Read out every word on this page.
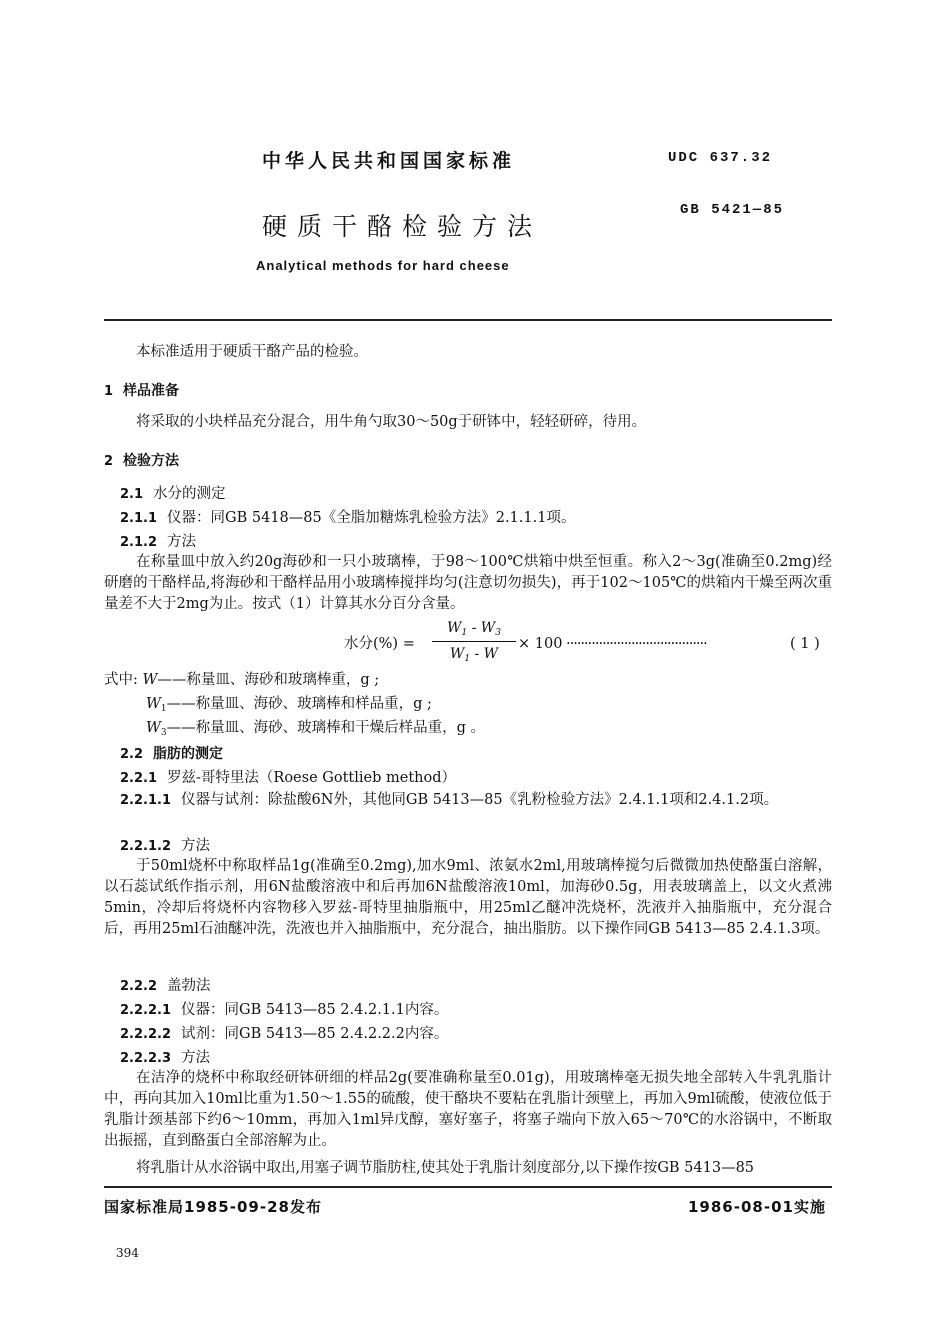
中华人民共和国国家标准	UDC 637.32
GB 5421—85
硬质干酪检验方法
Analytical methods for hard cheese
本标准适用于硬质干酪产品的检验。
1 样品准备
将采取的小块样品充分混合，用牛角勺取30～50g于研钵中，轻轻研碎，待用。
2 检验方法
2.1 水分的测定
2.1.1 仪器：同GB 5418—85《全脂加糖炼乳检验方法》2.1.1.1项。
2.1.2 方法
在称量皿中放入约20g海砂和一只小玻璃棒，于98～100℃烘箱中烘至恒重。称入2～3g(准确至0.2mg)经研磨的干酪样品,将海砂和干酪样品用小玻璃棒搅拌均匀(注意切勿损失)，再于102～105℃的烘箱内干燥至两次重量差不大于2mg为止。按式（1）计算其水分百分含量。
水分(%) =
$W_1 - W_3$
$W_1$ - W
× 100 ·······································	( 1 )
式中: W——称量皿、海砂和玻璃棒重，g ;
$W_1——$称量皿、海砂、玻璃棒和样品重，g ;
$W_3——$称量皿、海砂、玻璃棒和干燥后样品重，g 。
2.2 脂肪的测定
2.2.1 罗兹-哥特里法（Roese Gottlieb method）
2.2.1.1 仪器与试剂：除盐酸6N外，其他同GB 5413—85《乳粉检验方法》2.4.1.1项和2.4.1.2项。
2.2.1.2 方法
于50ml烧杯中称取样品1g(准确至0.2mg),加水9ml、浓氨水2ml,用玻璃棒搅匀后微微加热使酪蛋白溶解，以石蕊试纸作指示剂，用6N盐酸溶液中和后再加6N盐酸溶液10ml，加海砂0.5g，用表玻璃盖上，以文火煮沸5min，冷却后将烧杯内容物移入罗兹-哥特里抽脂瓶中，用25ml乙醚冲洗烧杯，洗液并入抽脂瓶中，充分混合后，再用25ml石油醚冲洗，洗液也并入抽脂瓶中，充分混合，抽出脂肪。以下操作同GB 5413—85 2.4.1.3项。
2.2.2 盖勃法
2.2.2.1 仪器：同GB 5413—85 2.4.2.1.1内容。
2.2.2.2 试剂：同GB 5413—85 2.4.2.2.2内容。
2.2.2.3 方法
在洁净的烧杯中称取经研钵研细的样品2g(要准确称量至0.01g)，用玻璃棒毫无损失地全部转入牛乳乳脂计中，再向其加入10ml比重为1.50～1.55的硫酸，使干酪块不要粘在乳脂计颈壁上，再加入9ml硫酸，使液位低于乳脂计颈基部下约6～10mm，再加入1ml异戊醇，塞好塞子，将塞子端向下放入65～70℃的水浴锅中，不断取出振摇，直到酪蛋白全部溶解为止。
将乳脂计从水浴锅中取出,用塞子调节脂肪柱,使其处于乳脂计刻度部分,以下操作按GB 5413—85
国家标准局1985-09-28发布	1986-08-01实施
394
